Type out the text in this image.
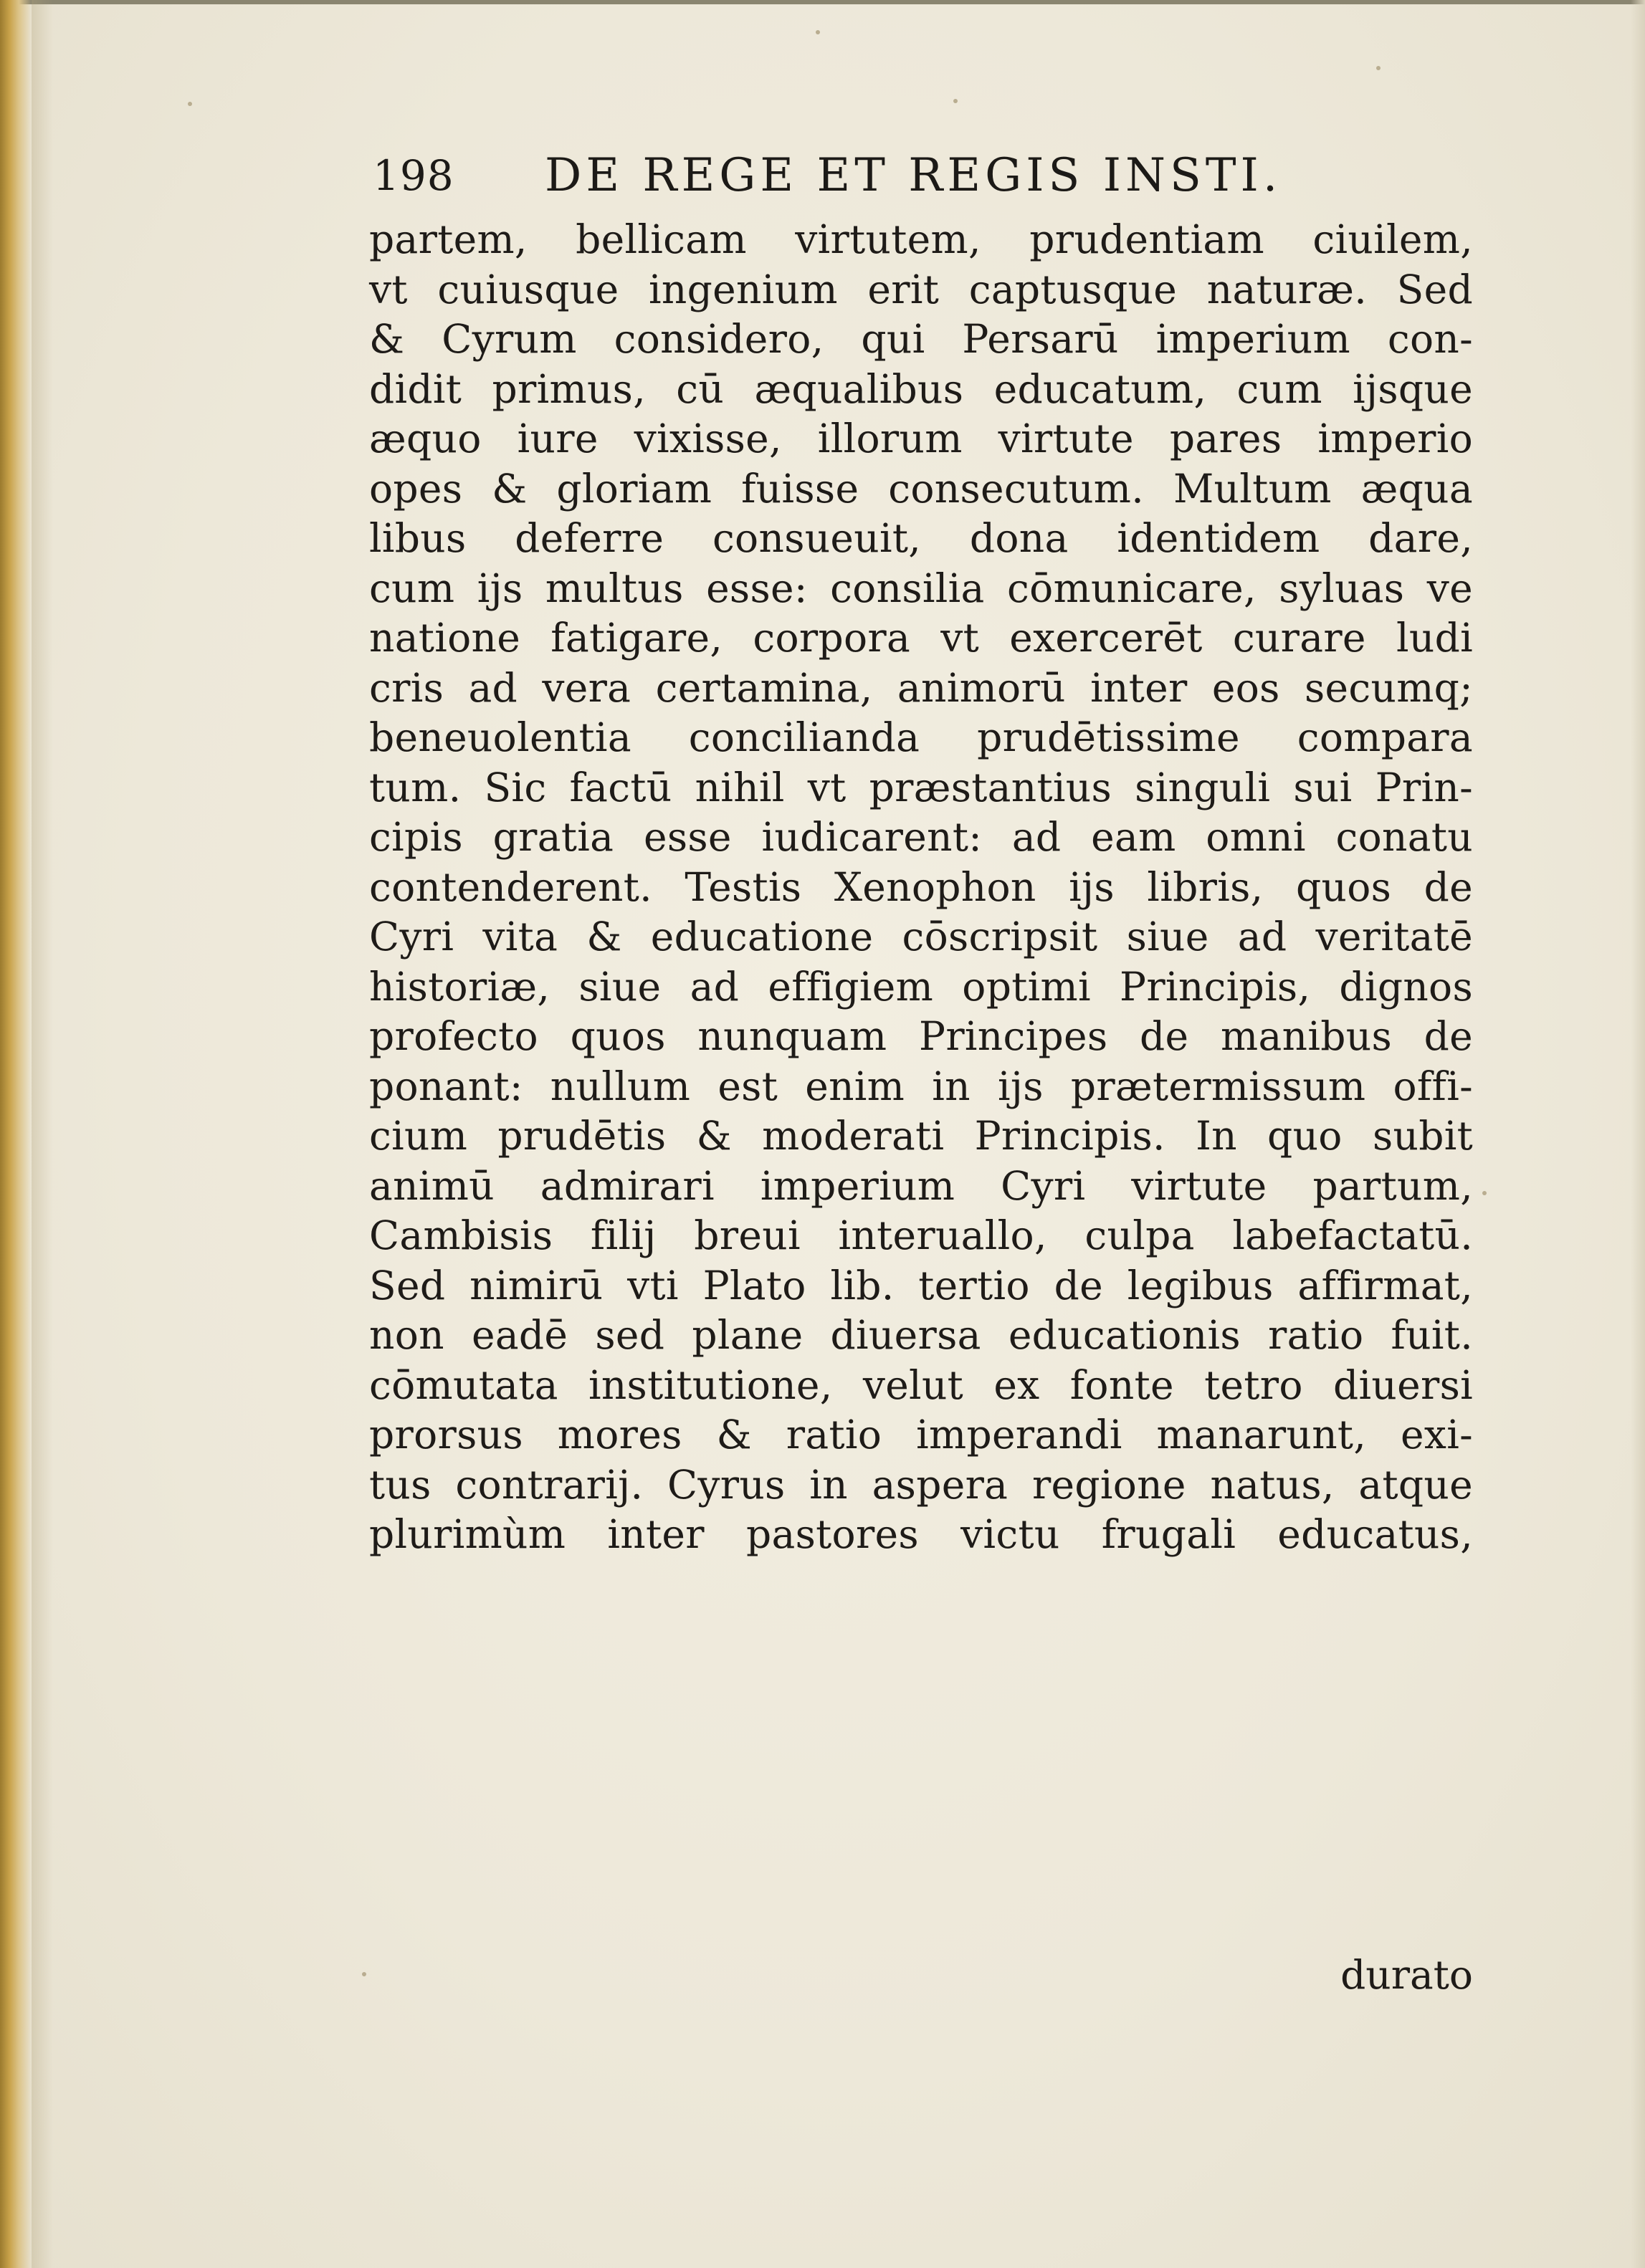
198 DE REGE ET REGIS INSTI.
partem, bellicam virtutem, prudentiam ciuilem,
vt cuiusque ingenium erit captusque naturæ. Sed
& Cyrum considero, qui Persarū imperium con-
didit primus, cū æqualibus educatum, cum ijsque
æquo iure vixisse, illorum virtute pares imperio
opes & gloriam fuisse consecutum. Multum æqua
libus deferre consueuit, dona identidem dare,
cum ijs multus esse: consilia cōmunicare, syluas ve
natione fatigare, corpora vt exercerēt curare ludi
cris ad vera certamina, animorū inter eos secumq;
beneuolentia concilianda prudētissime compara
tum. Sic factū nihil vt præstantius singuli sui Prin-
cipis gratia esse iudicarent: ad eam omni conatu
contenderent. Testis Xenophon ijs libris, quos de
Cyri vita & educatione cōscripsit siue ad veritatē
historiæ, siue ad effigiem optimi Principis, dignos
profecto quos nunquam Principes de manibus de
ponant: nullum est enim in ijs prætermissum offi-
cium prudētis & moderati Principis. In quo subit
animū admirari imperium Cyri virtute partum,
Cambisis filij breui interuallo, culpa labefactatū.
Sed nimirū vti Plato lib. tertio de legibus affirmat,
non eadē sed plane diuersa educationis ratio fuit.
cōmutata institutione, velut ex fonte tetro diuersi
prorsus mores & ratio imperandi manarunt, exi-
tus contrarij. Cyrus in aspera regione natus, atque
plurimùm inter pastores victu frugali educatus,
durato
